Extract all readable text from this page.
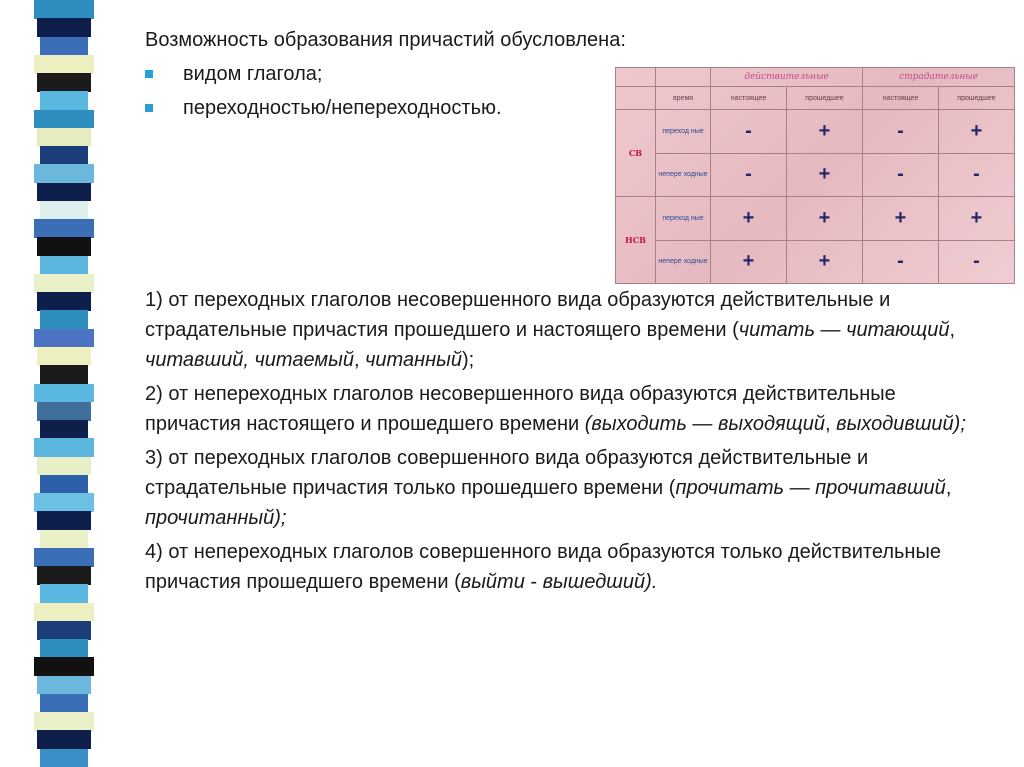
Возможность образования причастий обусловлена:
видом глагола;
переходностью/непереходностью.
		действительные		страдательные	
	время	настоящее	прошедшее	настоящее	прошедшее
СВ	переход ные	-	+	-	+
	непере ходные	-	+	-	-
НСВ	переход ные	+	+	+	+
	непере ходные	+	+	-	-

1) от переходных глаголов несовершенного вида образуются действительные и страдательные причастия прошедшего и настоящего времени (читать — читающий, читавший, читаемый, читанный);

2) от непереходных глаголов несовершенного вида образуются действительные причастия настоящего и прошедшего времени (выходить — выходящий, выходивший);

3) от переходных глаголов совершенного вида образуются действительные и страдательные причастия только прошедшего времени (прочитать — прочитавший, прочитанный);

4) от непереходных глаголов совершенного вида образуются только действительные причастия прошедшего времени (выйти - вышедший).
